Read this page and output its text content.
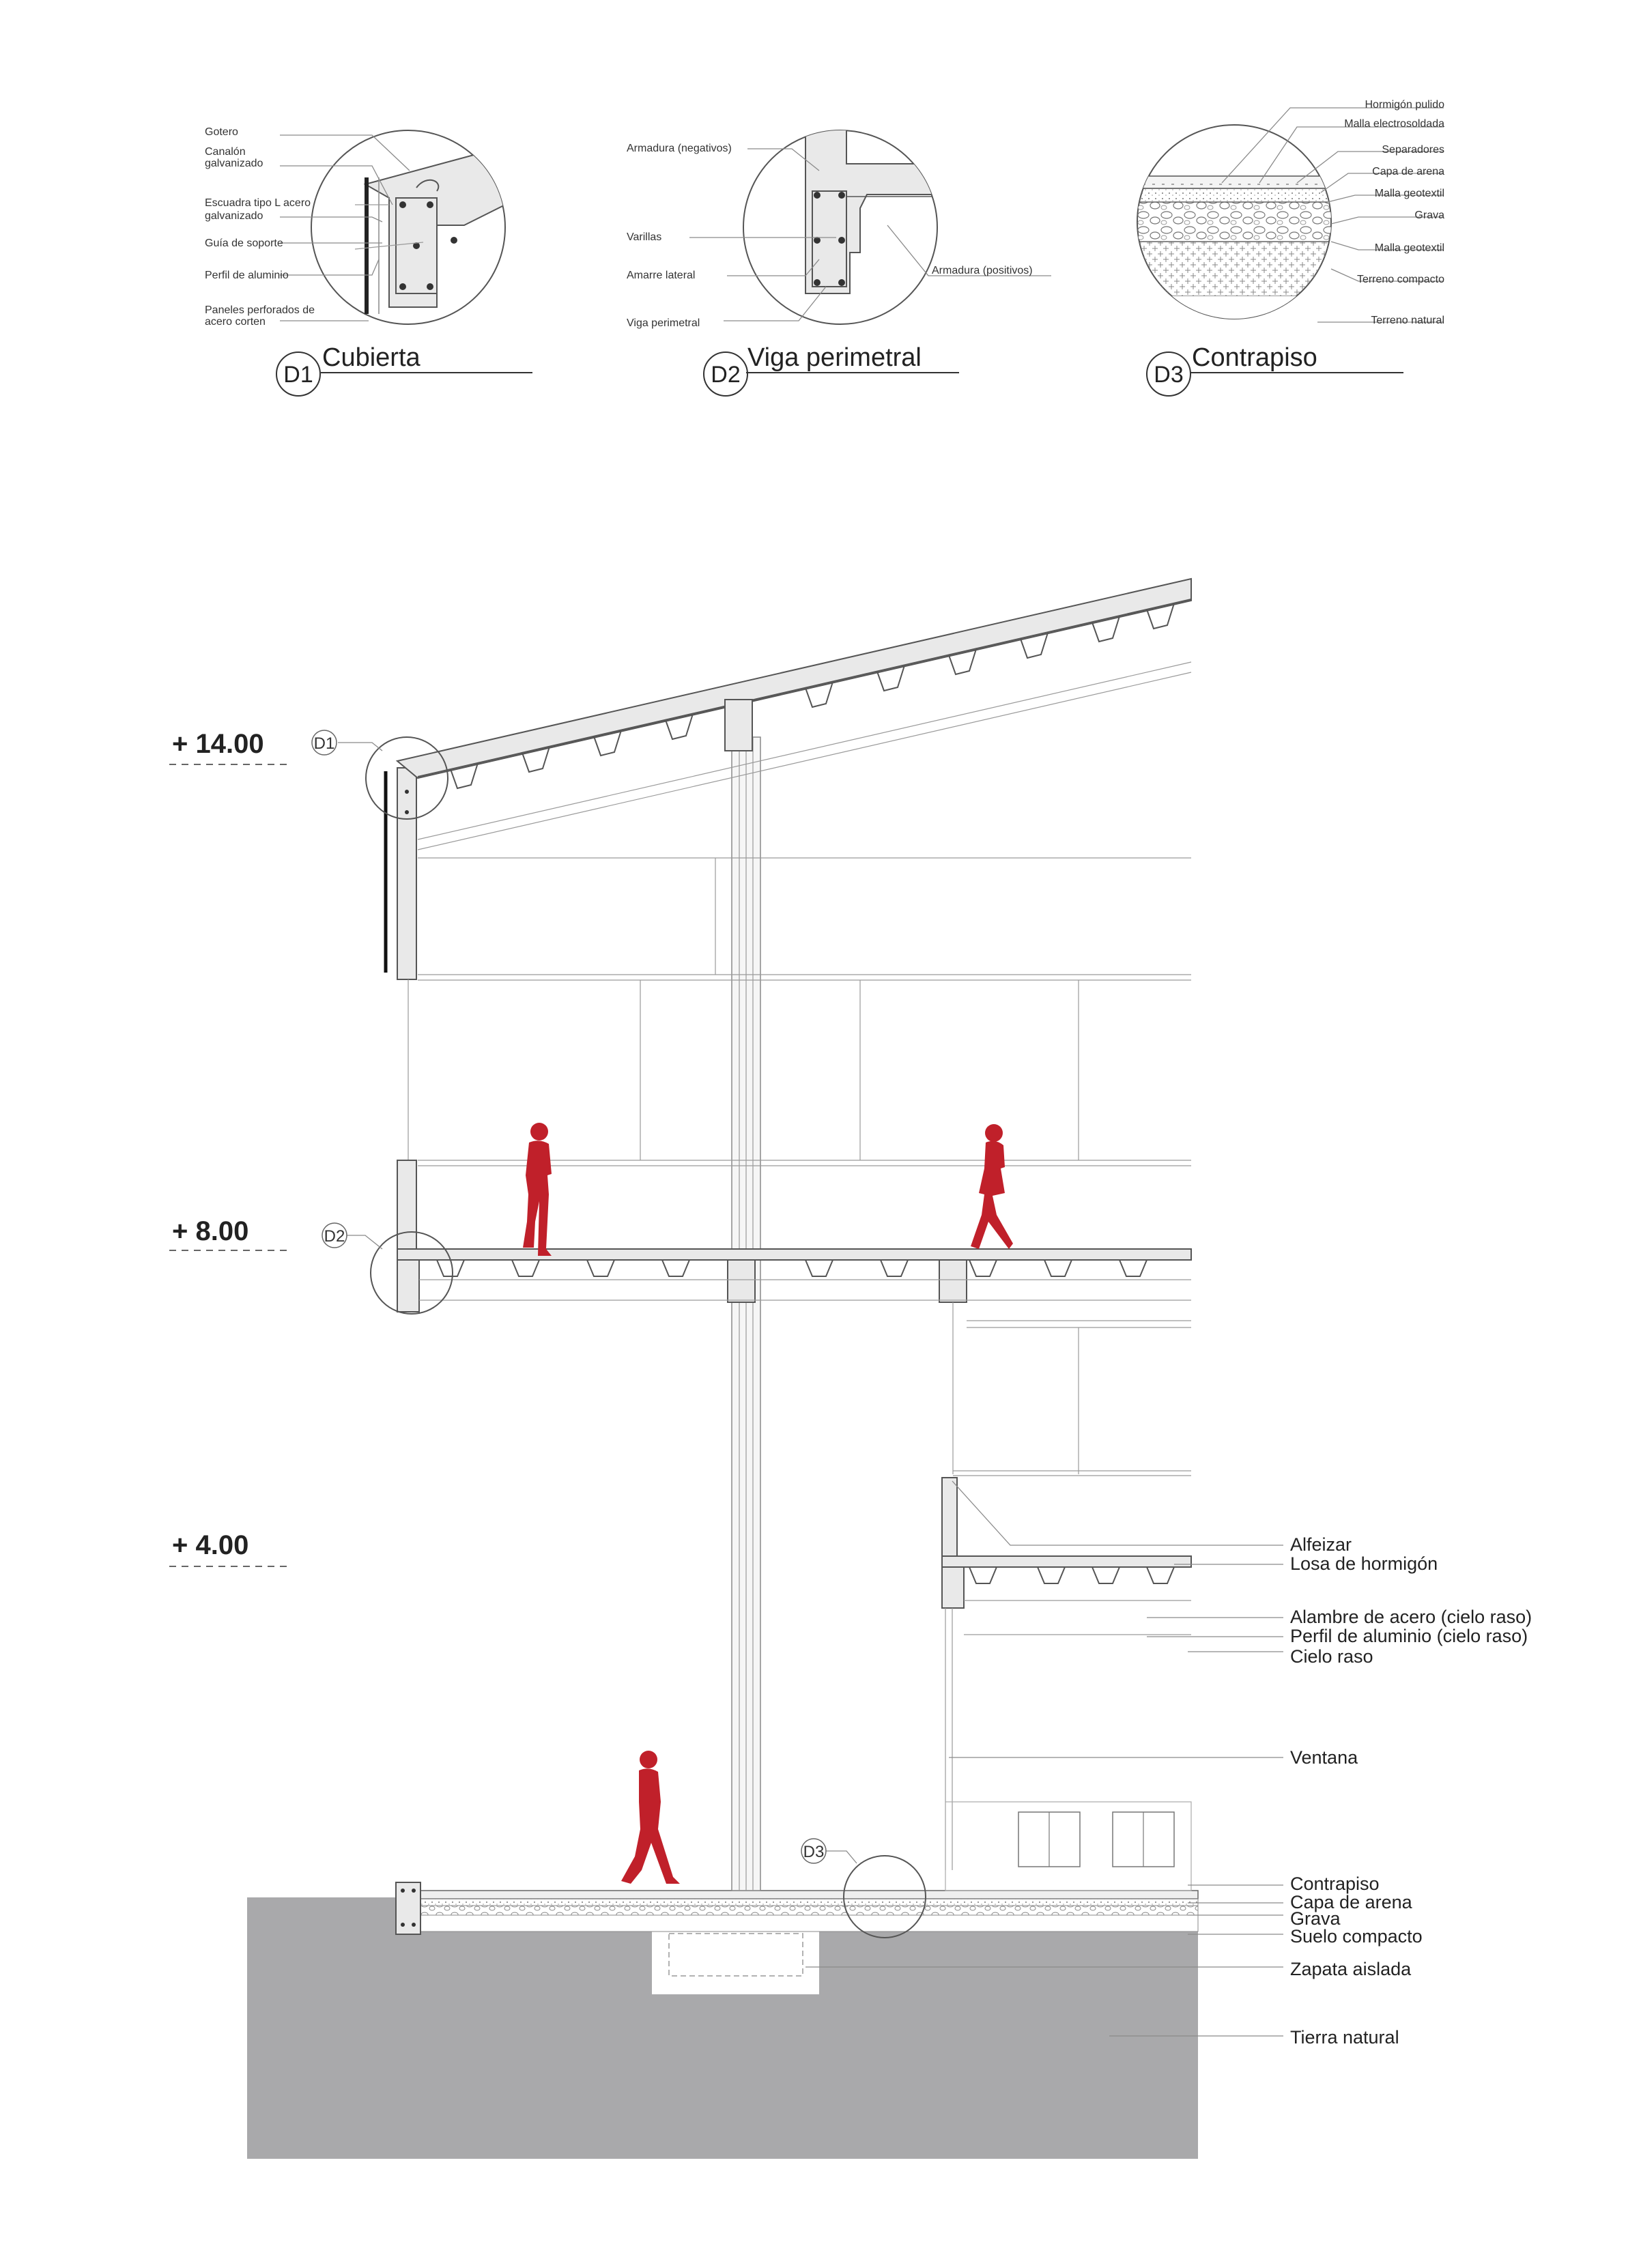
Gotero
Canalón galvanizado
Escuadra tipo L acero galvanizado
Guía de soporte
Perfil de aluminio
Paneles perforados de acero corten
D1
Cubierta
Armadura (negativos)
Varillas
Amarre lateral
Viga perimetral
Armadura (positivos)
D2
Viga perimetral
Hormigón pulido
Malla electrosoldada
Separadores
Capa de arena
Malla geotextil
Grava
Malla geotextil
Terreno compacto
Terreno natural
D3
Contrapiso
D1
D2
D3
+ 14.00
+ 8.00
+ 4.00	Alfeizar
Losa de hormigón
Alambre de acero (cielo raso)
Perfil de aluminio (cielo raso)
Cielo raso
Ventana
Contrapiso
Capa de arena
Grava
Suelo compacto
Zapata aislada
Tierra natural
